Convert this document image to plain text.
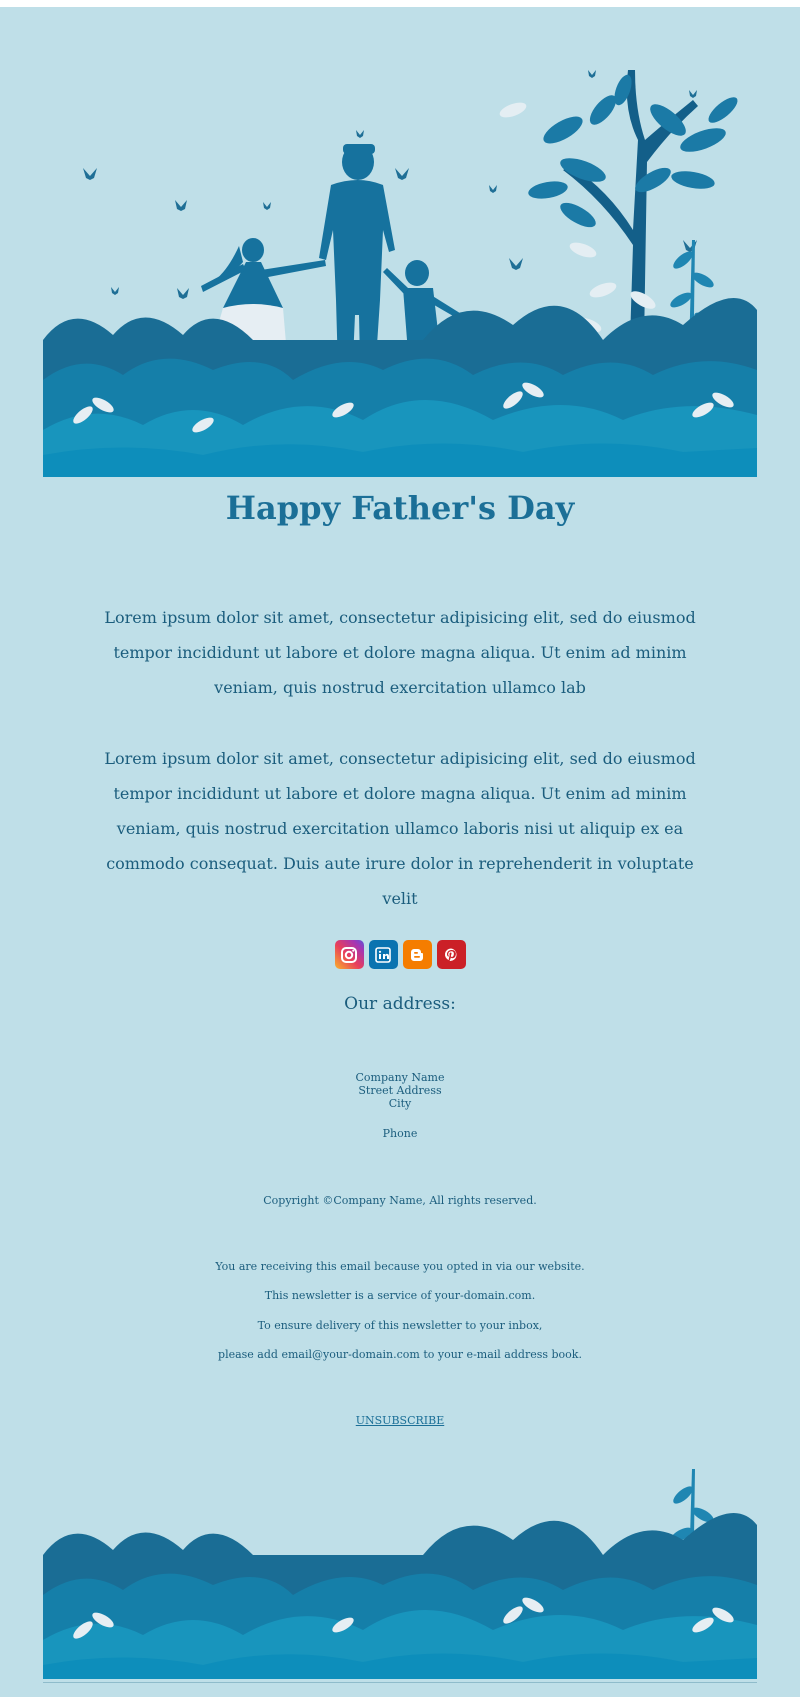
Happy Father's Day

Lorem ipsum dolor sit amet, consectetur adipisicing elit, sed do eiusmod tempor incididunt ut labore et dolore magna aliqua. Ut enim ad minim veniam, quis nostrud exercitation ullamco lab

Lorem ipsum dolor sit amet, consectetur adipisicing elit, sed do eiusmod tempor incididunt ut labore et dolore magna aliqua. Ut enim ad minim veniam, quis nostrud exercitation ullamco laboris nisi ut aliquip ex ea commodo consequat. Duis aute irure dolor in reprehenderit in voluptate velit

Our address:
Company Name
Street Address
City
Phone
Copyright ©Company Name, All rights reserved.
You are receiving this email because you opted in via our website.
This newsletter is a service of your-domain.com.
To ensure delivery of this newsletter to your inbox,
please add email@your-domain.com to your e-mail address book.
UNSUBSCRIBE
